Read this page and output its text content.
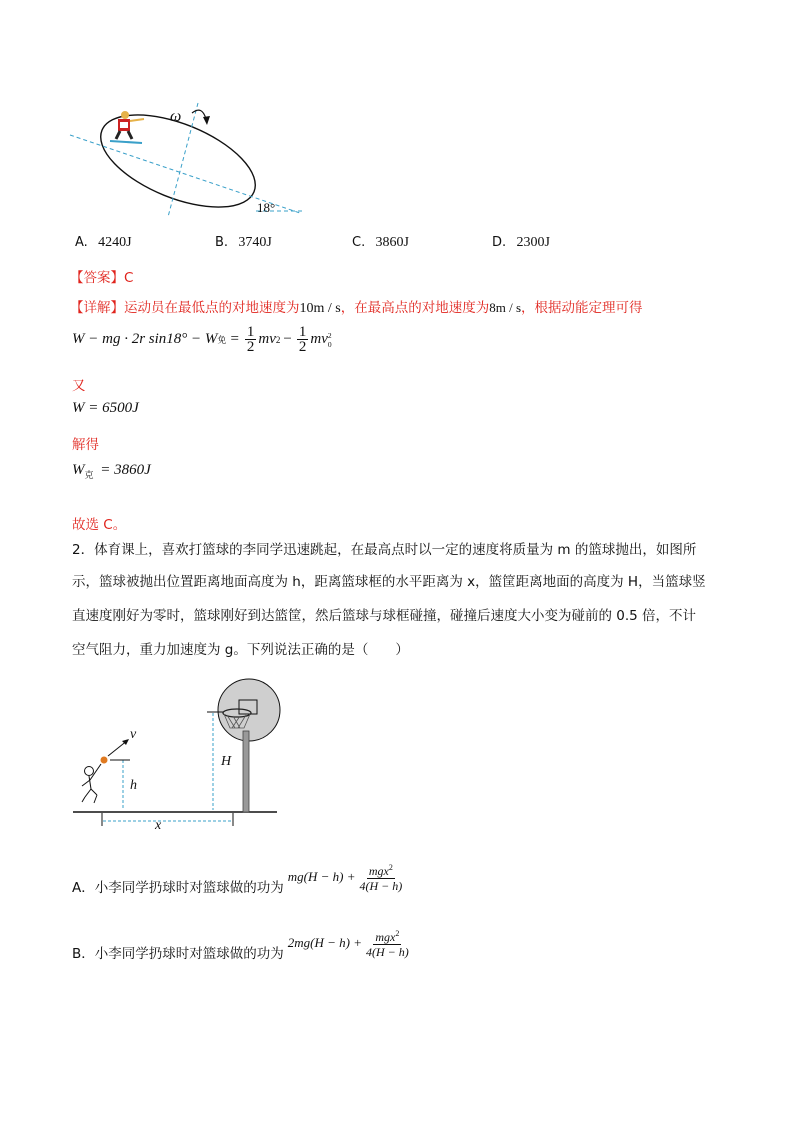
ω
18°
A. 4240J	B. 3740J	C. 3860J	D. 2300J
【答案】C
【详解】运动员在最低点的对地速度为10m / s，在最高点的对地速度为8m / s，根据动能定理可得
W − mg · 2r sin18° − W 免 = $\frac{1}{2}$ mv $2 - \frac{1}{2}$ mv 2
0
又
W = 6500J
解得
$W_克 = 3860J$
故选 C。
2．体育课上，喜欢打篮球的李同学迅速跳起，在最高点时以一定的速度将质量为 m 的篮球抛出，如图所
示，篮球被抛出位置距离地面高度为 h，距离篮球框的水平距离为 x，篮筐距离地面的高度为 H，当篮球竖
直速度刚好为零时，篮球刚好到达篮筐，然后篮球与球框碰撞，碰撞后速度大小变为碰前的 0.5 倍，不计
空气阻力，重力加速度为 g。下列说法正确的是（　　）
v
h
H
x
A．小李同学扔球时对篮球做的功为
$mg(H - h) + \frac{mgx^2}{4(H - h)}$
B．小李同学扔球时对篮球做的功为
$2mg(H - h) + \frac{mgx^2}{4(H - h)}$
